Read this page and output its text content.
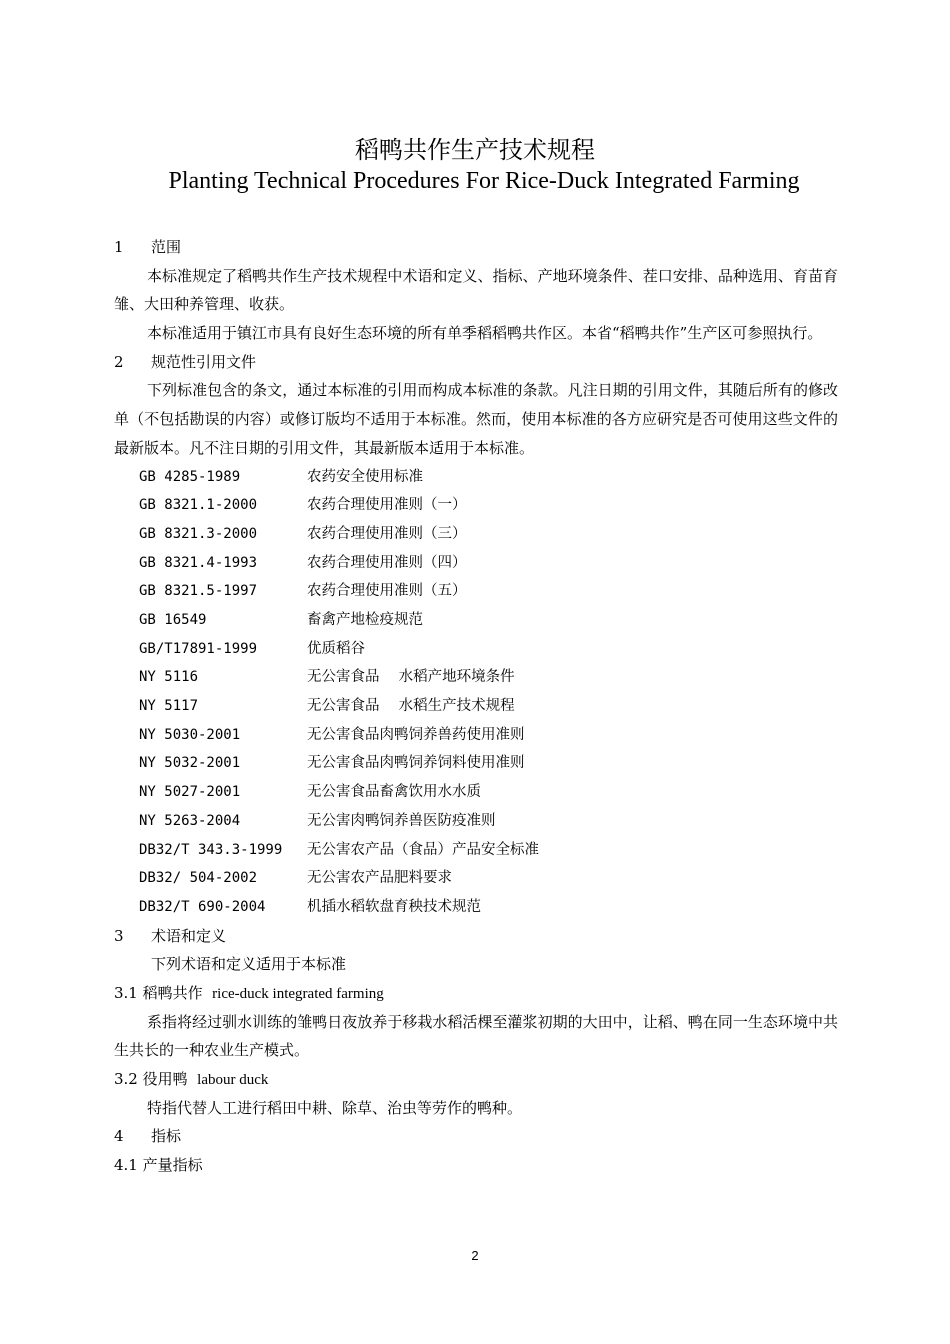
稻鸭共作生产技术规程
Planting Technical Procedures For Rice-Duck Integrated Farming
1 范围
本标准规定了稻鸭共作生产技术规程中术语和定义、指标、产地环境条件、茬口安排、品种选用、育苗育雏、大田种养管理、收获。
本标准适用于镇江市具有良好生态环境的所有单季稻稻鸭共作区。本省“稻鸭共作”生产区可参照执行。
2 规范性引用文件
下列标准包含的条文，通过本标准的引用而构成本标准的条款。凡注日期的引用文件，其随后所有的修改单（不包括勘误的内容）或修订版均不适用于本标准。然而，使用本标准的各方应研究是否可使用这些文件的最新版本。凡不注日期的引用文件，其最新版本适用于本标准。
GB 4285-1989	农药安全使用标准
GB 8321.1-2000	农药合理使用准则（一）
GB 8321.3-2000	农药合理使用准则（三）
GB 8321.4-1993	农药合理使用准则（四）
GB 8321.5-1997	农药合理使用准则（五）
GB 16549	畜禽产地检疫规范
GB/T17891-1999	优质稻谷
NY 5116	无公害食品　 水稻产地环境条件
NY 5117	无公害食品　 水稻生产技术规程
NY 5030-2001	无公害食品肉鸭饲养兽药使用准则
NY 5032-2001	无公害食品肉鸭饲养饲料使用准则
NY 5027-2001	无公害食品畜禽饮用水水质
NY 5263-2004	无公害肉鸭饲养兽医防疫准则
DB32/T 343.3-1999 无公害农产品（食品）产品安全标准
DB32/ 504-2002	无公害农产品肥料要求
DB32/T 690-2004	机插水稻软盘育秧技术规范
3 术语和定义
下列术语和定义适用于本标准
3.1 稻鸭共作 rice-duck integrated farming
系指将经过驯水训练的雏鸭日夜放养于移栽水稻活棵至灌浆初期的大田中，让稻、鸭在同一生态环境中共生共长的一种农业生产模式。
3.2 役用鸭 labour duck
特指代替人工进行稻田中耕、除草、治虫等劳作的鸭种。
4 指标
4.1 产量指标
2
